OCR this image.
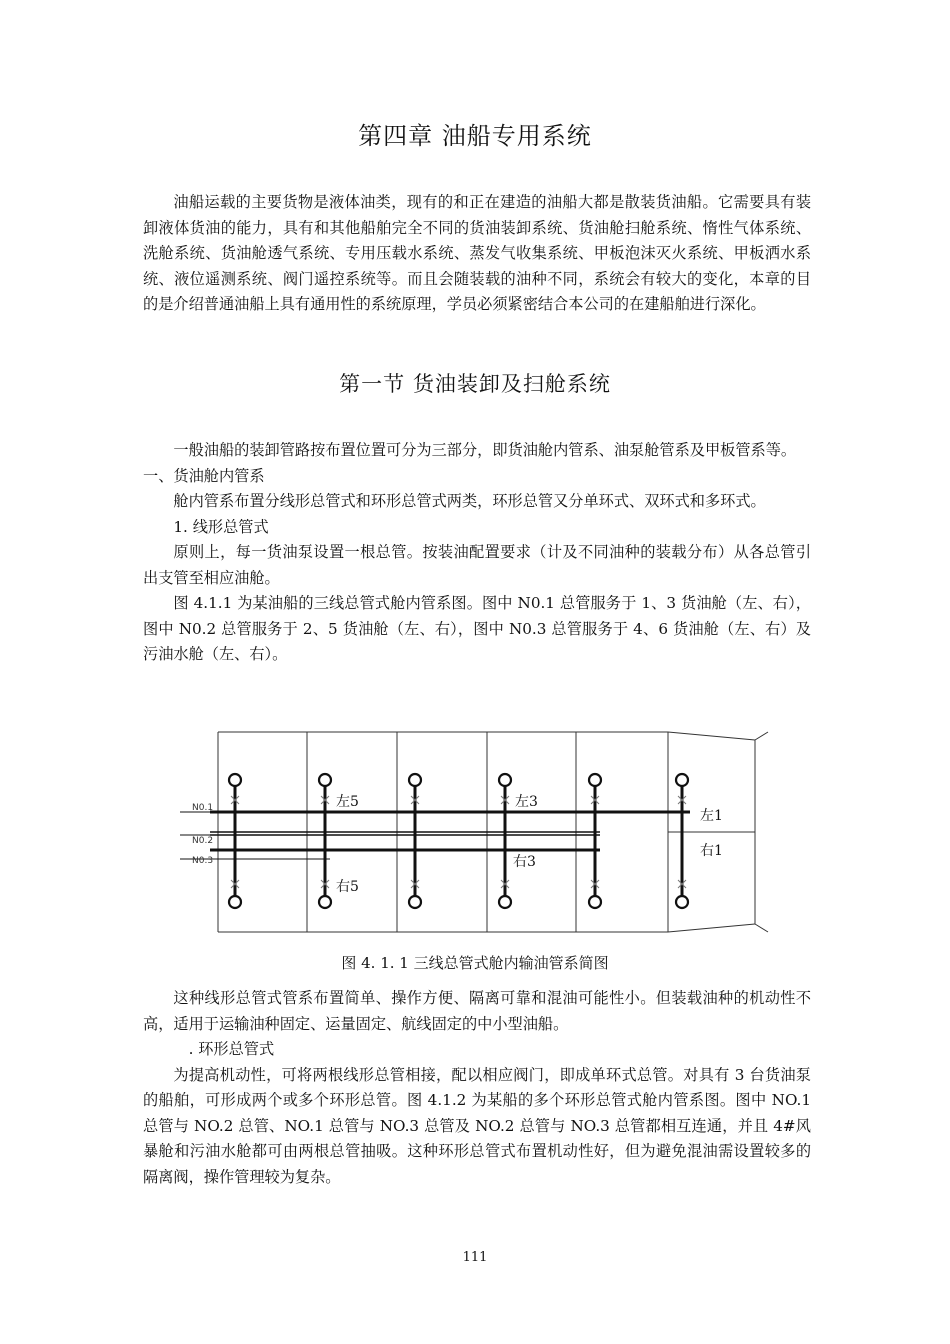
第四章 油船专用系统

油船运载的主要货物是液体油类，现有的和正在建造的油船大都是散装货油船。它需要具有装卸液体货油的能力，具有和其他船舶完全不同的货油装卸系统、货油舱扫舱系统、惰性气体系统、洗舱系统、货油舱透气系统、专用压载水系统、蒸发气收集系统、甲板泡沫灭火系统、甲板洒水系统、液位遥测系统、阀门遥控系统等。而且会随装载的油种不同，系统会有较大的变化，本章的目的是介绍普通油船上具有通用性的系统原理，学员必须紧密结合本公司的在建船舶进行深化。

第一节 货油装卸及扫舱系统

一般油船的装卸管路按布置位置可分为三部分，即货油舱内管系、油泵舱管系及甲板管系等。

一、货油舱内管系

舱内管系布置分线形总管式和环形总管式两类，环形总管又分单环式、双环式和多环式。

1. 线形总管式

原则上，每一货油泵设置一根总管。按装油配置要求（计及不同油种的装载分布）从各总管引出支管至相应油舱。

图 4.1.1 为某油船的三线总管式舱内管系图。图中 N0.1 总管服务于 1、3 货油舱（左、右），图中 N0.2 总管服务于 2、5 货油舱（左、右），图中 N0.3 总管服务于 4、6 货油舱（左、右）及污油水舱（左、右）。

N0.1
N0.2
N0.3
左5	左3
左1
右1
右3
右5
图 4. 1. 1 三线总管式舱内输油管系简图

这种线形总管式管系布置简单、操作方便、隔离可靠和混油可能性小。但装载油种的机动性不高，适用于运输油种固定、运量固定、航线固定的中小型油船。

. 环形总管式

为提高机动性，可将两根线形总管相接，配以相应阀门，即成单环式总管。对具有 3 台货油泵的船舶，可形成两个或多个环形总管。图 4.1.2 为某船的多个环形总管式舱内管系图。图中 NO.1 总管与 NO.2 总管、NO.1 总管与 NO.3 总管及 NO.2 总管与 NO.3 总管都相互连通，并且 4#风暴舱和污油水舱都可由两根总管抽吸。这种环形总管式布置机动性好，但为避免混油需设置较多的隔离阀，操作管理较为复杂。

111
